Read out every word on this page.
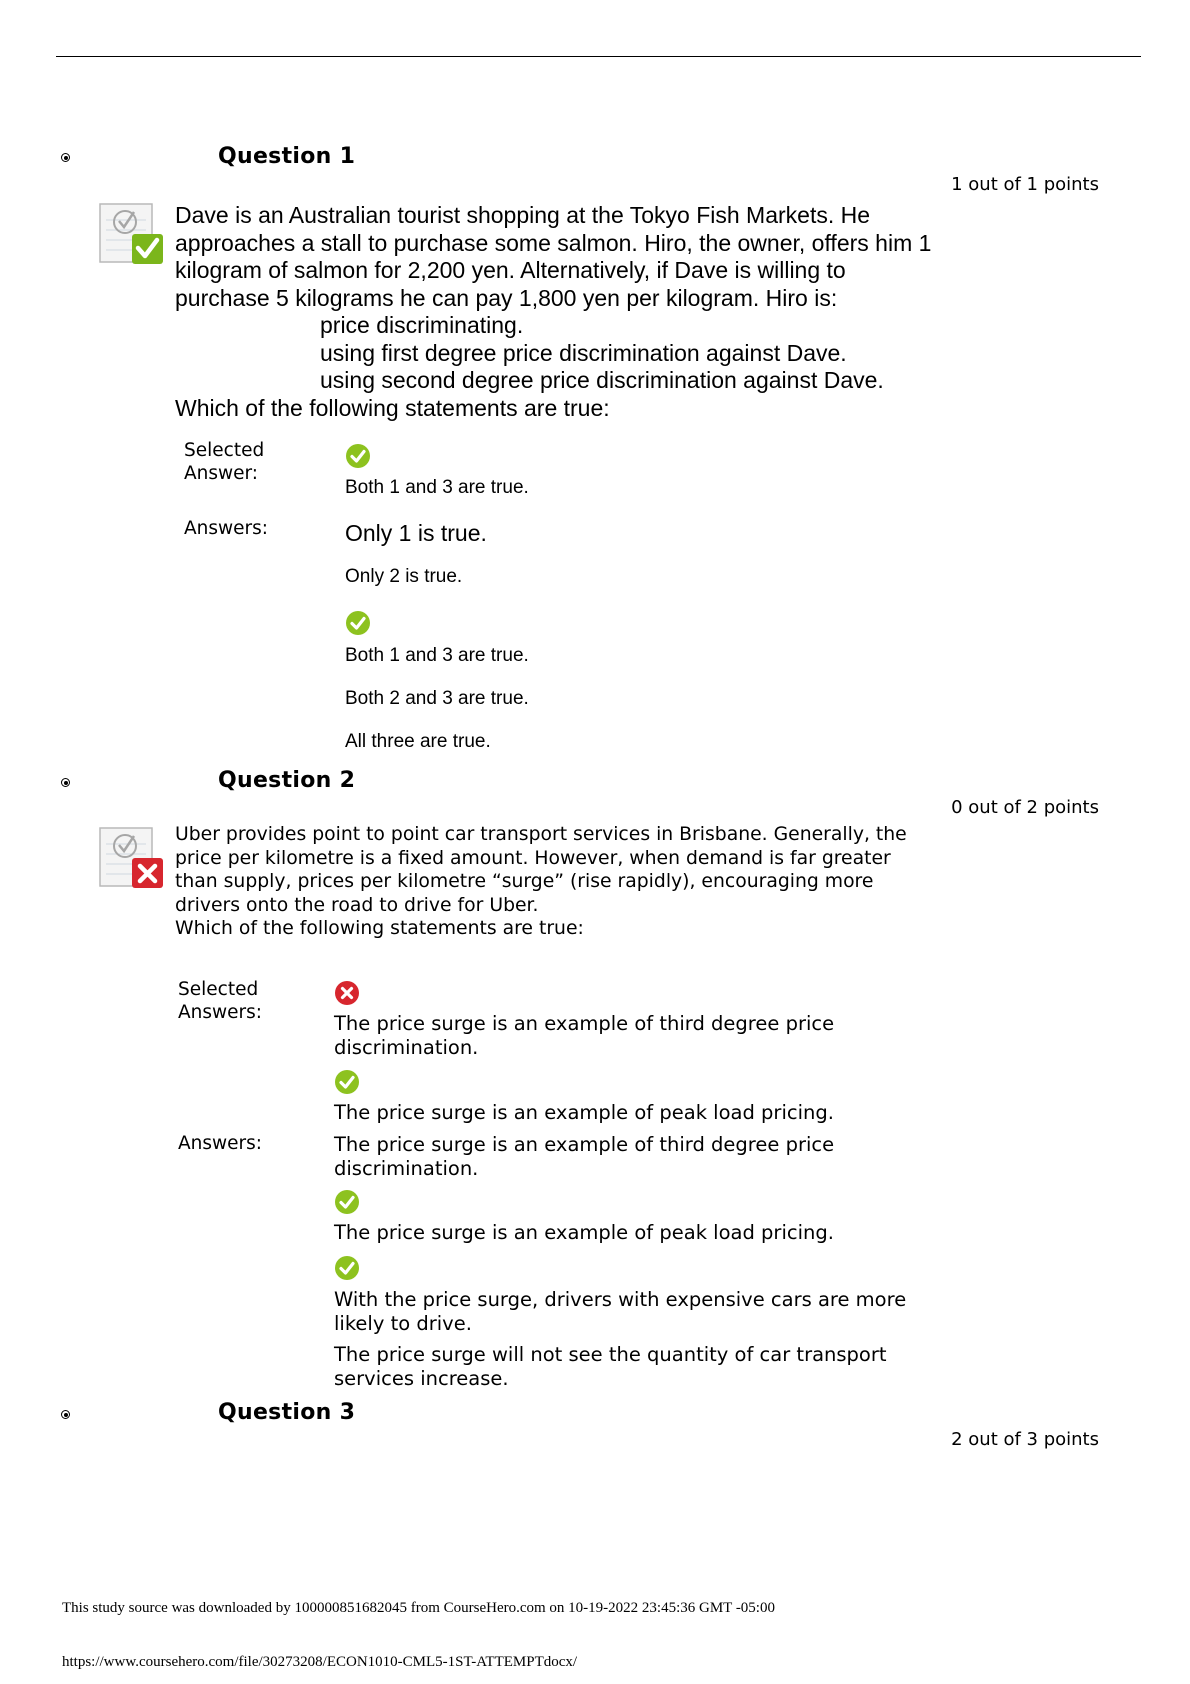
Question 1
1 out of 1 points
Dave is an Australian tourist shopping at the Tokyo Fish Markets. He
approaches a stall to purchase some salmon. Hiro, the owner, offers him 1
kilogram of salmon for 2,200 yen. Alternatively, if Dave is willing to
purchase 5 kilograms he can pay 1,800 yen per kilogram. Hiro is:
price discriminating.
using first degree price discrimination against Dave.
using second degree price discrimination against Dave.
Which of the following statements are true:
Selected
Answer:
Both 1 and 3 are true.
Answers:	Only 1 is true.
Only 2 is true.
Both 1 and 3 are true.
Both 2 and 3 are true.
All three are true.
Question 2
0 out of 2 points
Uber provides point to point car transport services in Brisbane. Generally, the
price per kilometre is a fixed amount. However, when demand is far greater
than supply, prices per kilometre “surge” (rise rapidly), encouraging more
drivers onto the road to drive for Uber.
Which of the following statements are true:
Selected
Answers:	The price surge is an example of third degree price
discrimination.
The price surge is an example of peak load pricing.
Answers:	The price surge is an example of third degree price
discrimination.
The price surge is an example of peak load pricing.
With the price surge, drivers with expensive cars are more
likely to drive.
The price surge will not see the quantity of car transport
services increase.
Question 3
2 out of 3 points
This study source was downloaded by 100000851682045 from CourseHero.com on 10-19-2022 23:45:36 GMT -05:00
https://www.coursehero.com/file/30273208/ECON1010-CML5-1ST-ATTEMPTdocx/
